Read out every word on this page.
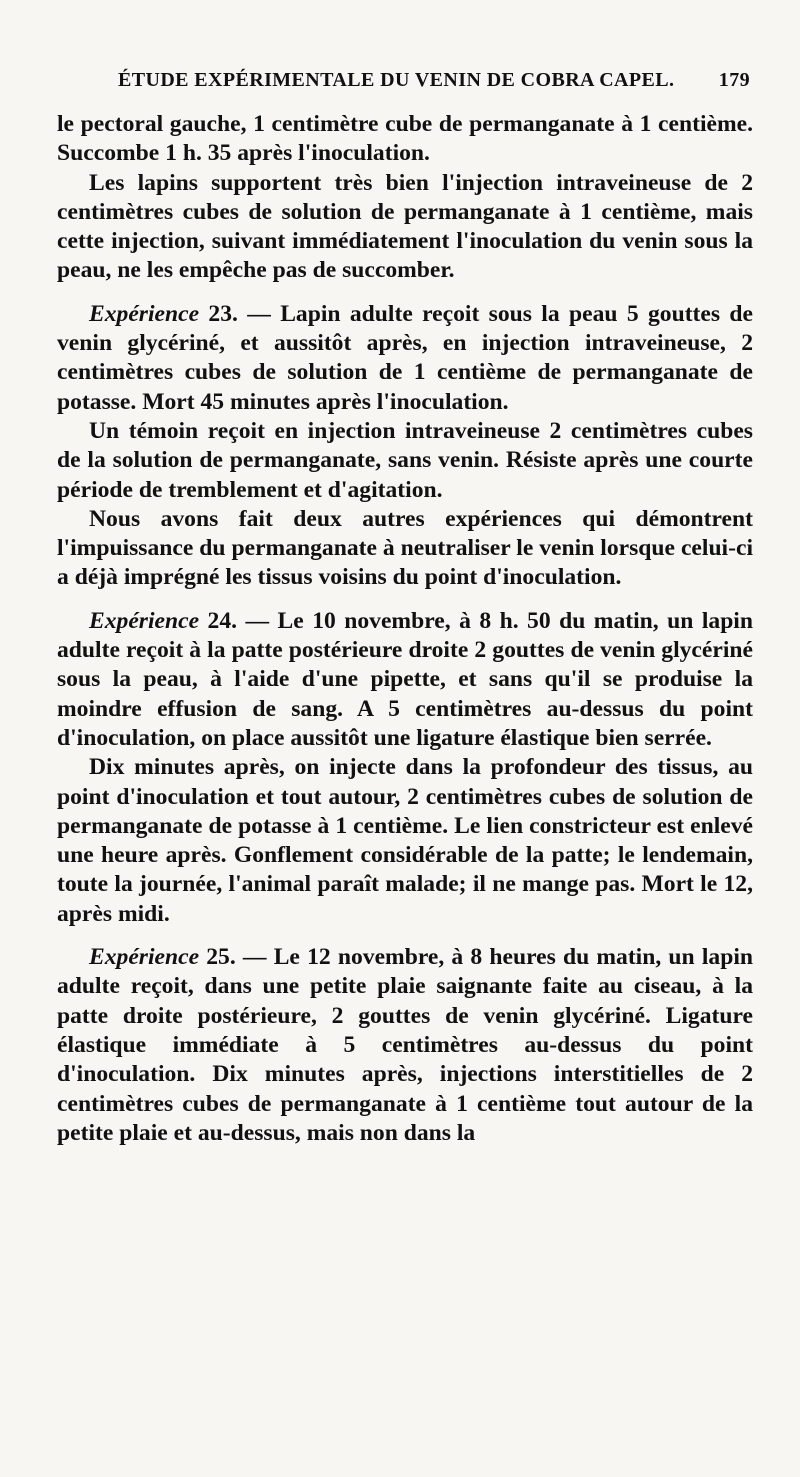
ÉTUDE EXPÉRIMENTALE DU VENIN DE COBRA CAPEL. 179

le pectoral gauche, 1 centimètre cube de permanganate à 1 centième. Succombe 1 h. 35 après l'inoculation.

Les lapins supportent très bien l'injection intraveineuse de 2 centimètres cubes de solution de permanganate à 1 centième, mais cette injection, suivant immédiatement l'inoculation du venin sous la peau, ne les empêche pas de succomber.

Expérience 23. — Lapin adulte reçoit sous la peau 5 gouttes de venin glycériné, et aussitôt après, en injection intraveineuse, 2 centimètres cubes de solution de 1 centième de permanganate de potasse. Mort 45 minutes après l'inoculation.

Un témoin reçoit en injection intraveineuse 2 centimètres cubes de la solution de permanganate, sans venin. Résiste après une courte période de tremblement et d'agitation.

Nous avons fait deux autres expériences qui démontrent l'impuissance du permanganate à neutraliser le venin lorsque celui-ci a déjà imprégné les tissus voisins du point d'inoculation.

Expérience 24. — Le 10 novembre, à 8 h. 50 du matin, un lapin adulte reçoit à la patte postérieure droite 2 gouttes de venin glycériné sous la peau, à l'aide d'une pipette, et sans qu'il se produise la moindre effusion de sang. A 5 centimètres au-dessus du point d'inoculation, on place aussitôt une ligature élastique bien serrée.

Dix minutes après, on injecte dans la profondeur des tissus, au point d'inoculation et tout autour, 2 centimètres cubes de solution de permanganate de potasse à 1 centième. Le lien constricteur est enlevé une heure après. Gonflement considérable de la patte; le lendemain, toute la journée, l'animal paraît malade; il ne mange pas. Mort le 12, après midi.

Expérience 25. — Le 12 novembre, à 8 heures du matin, un lapin adulte reçoit, dans une petite plaie saignante faite au ciseau, à la patte droite postérieure, 2 gouttes de venin glycériné. Ligature élastique immédiate à 5 centimètres au-dessus du point d'inoculation. Dix minutes après, injections interstitielles de 2 centimètres cubes de permanganate à 1 centième tout autour de la petite plaie et au-dessus, mais non dans la
